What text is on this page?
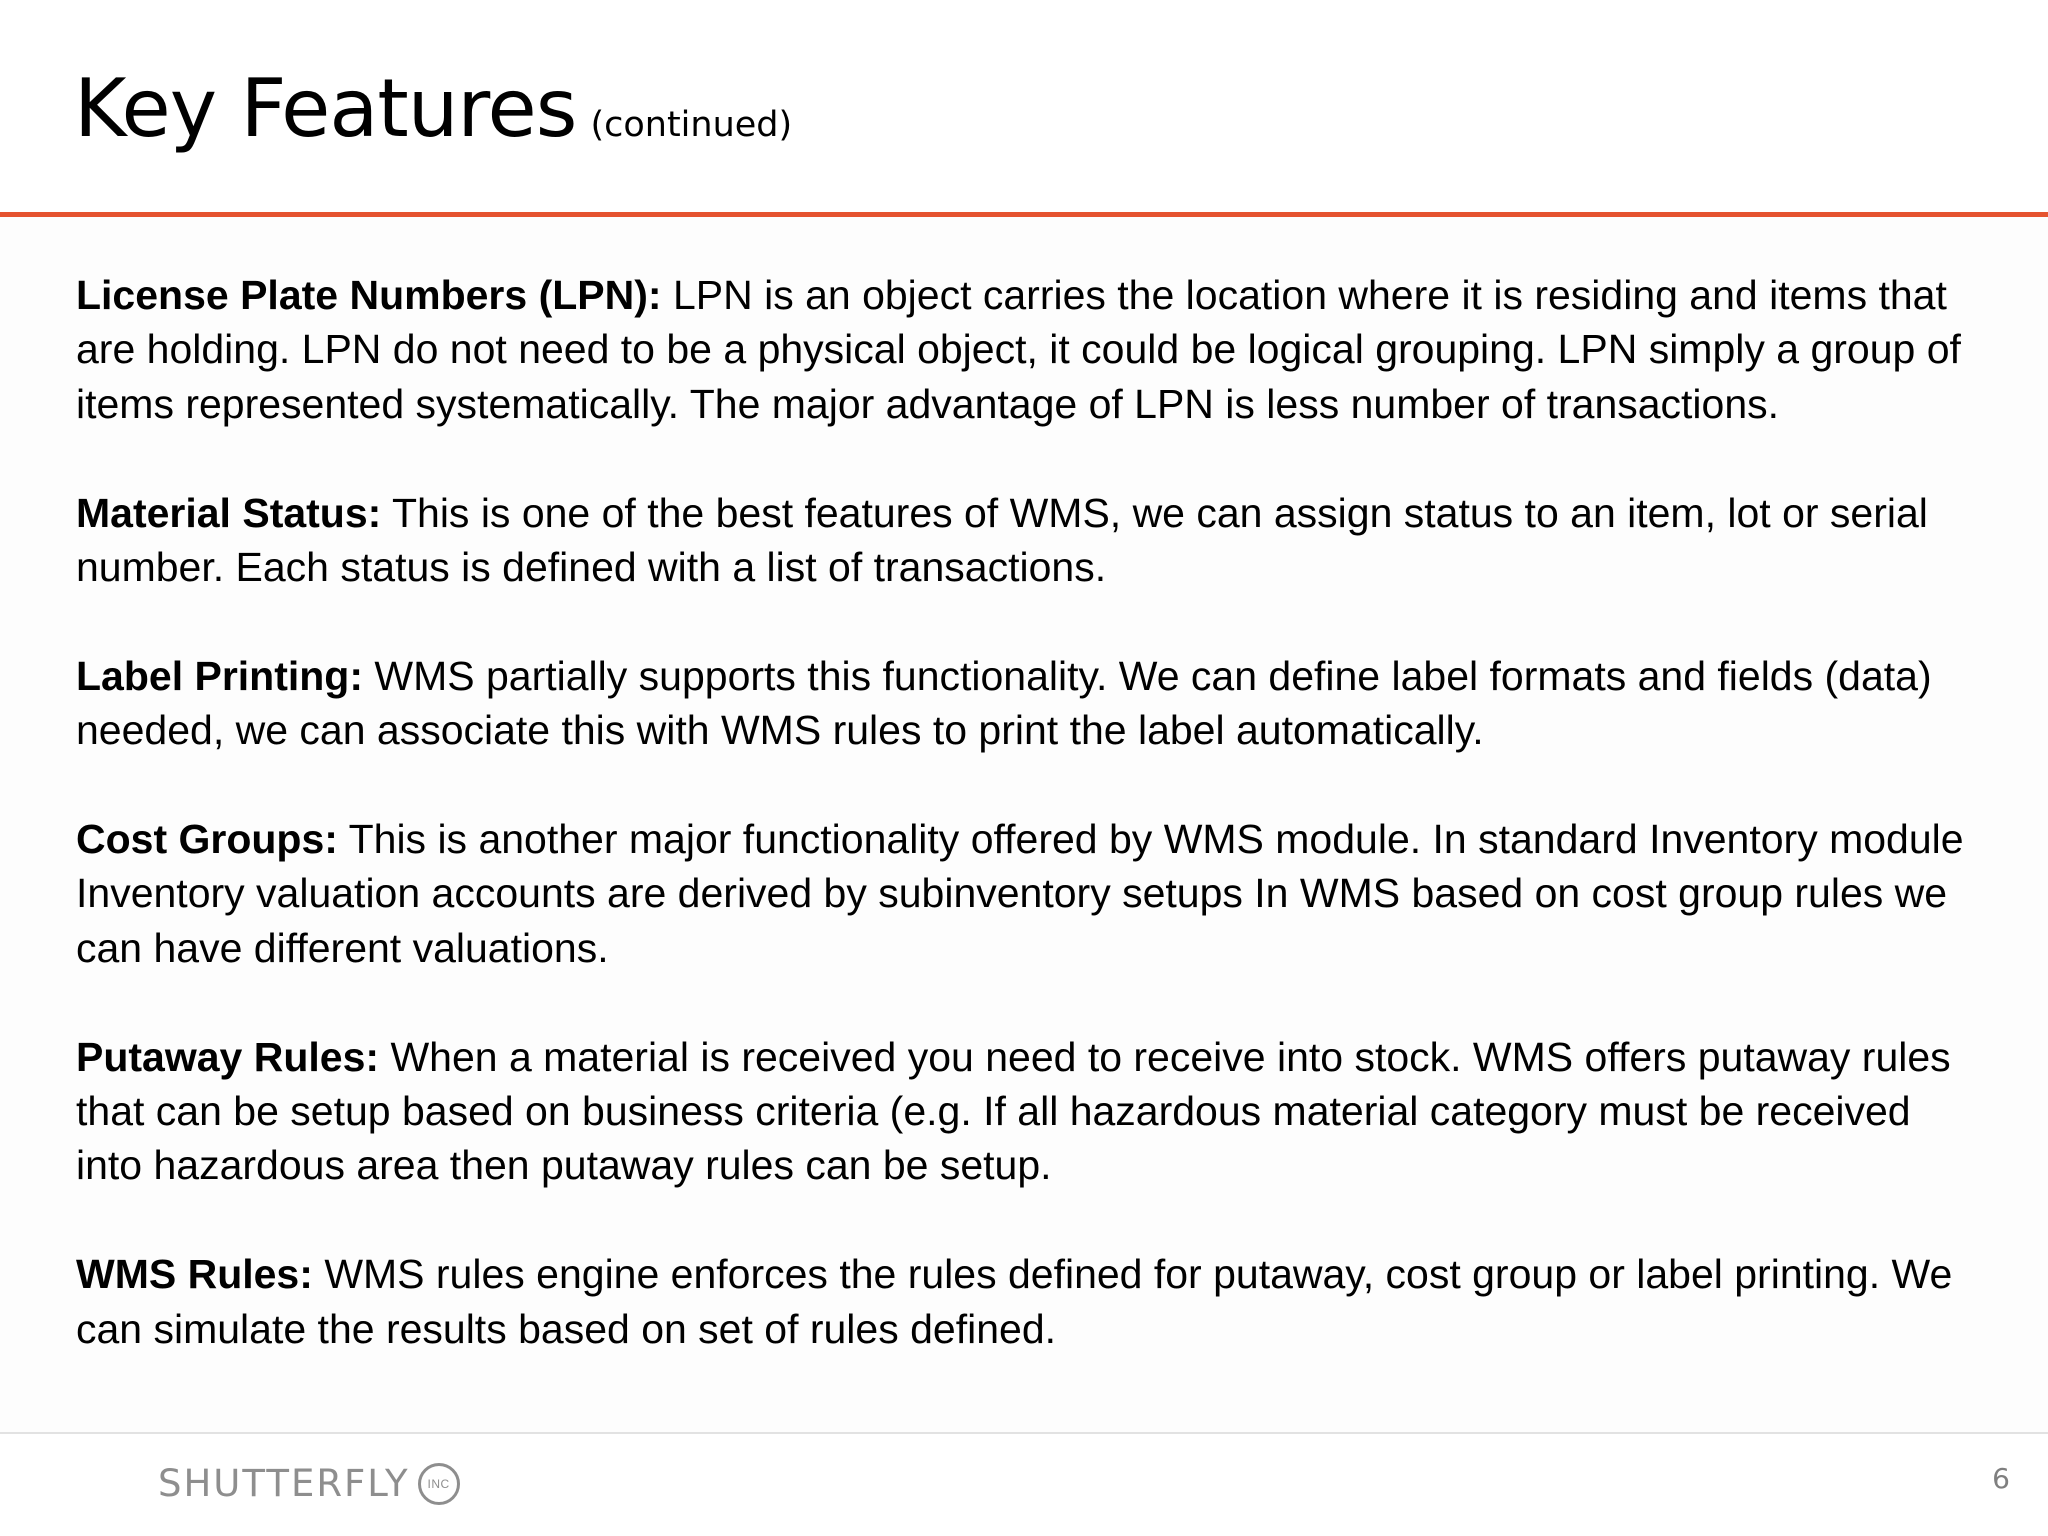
Key Features (continued)

License Plate Numbers (LPN): LPN is an object carries the location where it is residing and items that are holding. LPN do not need to be a physical object, it could be logical grouping. LPN simply a group of items represented systematically. The major advantage of LPN is less number of transactions.

Material Status: This is one of the best features of WMS, we can assign status to an item, lot or serial number. Each status is defined with a list of transactions.

Label Printing: WMS partially supports this functionality. We can define label formats and fields (data) needed, we can associate this with WMS rules to print the label automatically.

Cost Groups: This is another major functionality offered by WMS module. In standard Inventory module Inventory valuation accounts are derived by subinventory setups In WMS based on cost group rules we can have different valuations.

Putaway Rules: When a material is received you need to receive into stock. WMS offers putaway rules that can be setup based on business criteria (e.g. If all hazardous material category must be received into hazardous area then putaway rules can be setup.

WMS Rules: WMS rules engine enforces the rules defined for putaway, cost group or label printing. We can simulate the results based on set of rules defined.

SHUTTERFLY	INC	6
